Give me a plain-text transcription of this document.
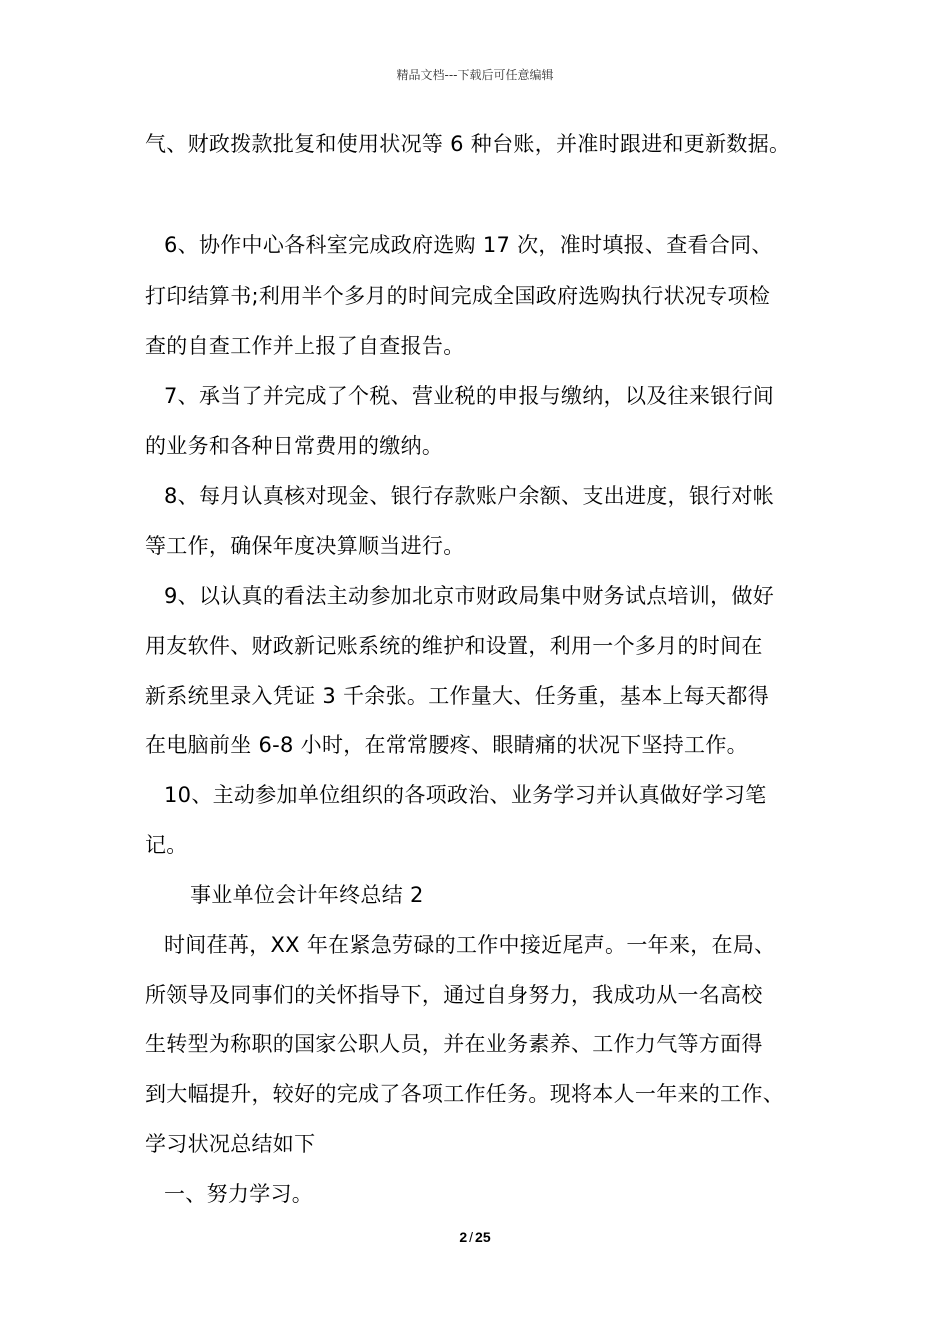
精品文档---下载后可任意编辑
气、财政拨款批复和使用状况等 6 种台账，并准时跟进和更新数据。
6、协作中心各科室完成政府选购 17 次，准时填报、查看合同、
打印结算书;利用半个多月的时间完成全国政府选购执行状况专项检
查的自查工作并上报了自查报告。
7、承当了并完成了个税、营业税的申报与缴纳，以及往来银行间
的业务和各种日常费用的缴纳。
8、每月认真核对现金、银行存款账户余额、支出进度，银行对帐
等工作，确保年度决算顺当进行。
9、以认真的看法主动参加北京市财政局集中财务试点培训，做好
用友软件、财政新记账系统的维护和设置，利用一个多月的时间在
新系统里录入凭证 3 千余张。工作量大、任务重，基本上每天都得
在电脑前坐 6-8 小时，在常常腰疼、眼睛痛的状况下坚持工作。
10、主动参加单位组织的各项政治、业务学习并认真做好学习笔
记。
事业单位会计年终总结 2
时间荏苒，XX 年在紧急劳碌的工作中接近尾声。一年来，在局、
所领导及同事们的关怀指导下，通过自身努力，我成功从一名高校
生转型为称职的国家公职人员，并在业务素养、工作力气等方面得
到大幅提升，较好的完成了各项工作任务。现将本人一年来的工作、
学习状况总结如下
一、努力学习。
2 / 25
